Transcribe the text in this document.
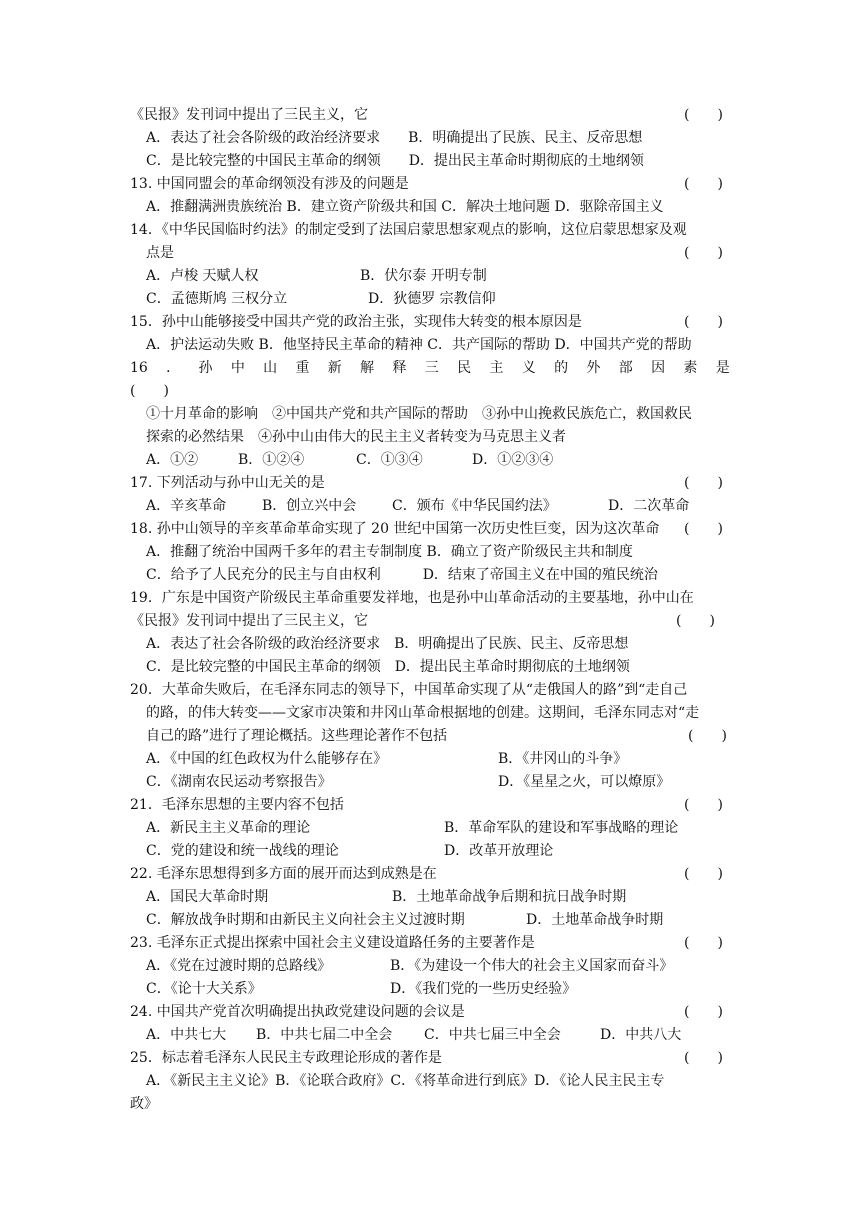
《民报》发刊词中提出了三民主义，它	(　　)
A．表达了社会各阶级的政治经济要求　　B．明确提出了民族、民主、反帝思想
C．是比较完整的中国民主革命的纲领　　D．提出民主革命时期彻底的土地纲领
13. 中国同盟会的革命纲领没有涉及的问题是	(　　)
A．推翻满洲贵族统治 B．建立资产阶级共和国 C．解决土地问题 D．驱除帝国主义
14．《中华民国临时约法》的制定受到了法国启蒙思想家观点的影响，这位启蒙思想家及观
点是	(　　)
A．卢梭 天赋人权	B．伏尔泰 开明专制
C．孟德斯鸠 三权分立	D．狄德罗 宗教信仰
15．孙中山能够接受中国共产党的政治主张，实现伟大转变的根本原因是	(　　)
A．护法运动失败 B．他坚持民主革命的精神 C．共产国际的帮助 D．中国共产党的帮助
16 ． 孙 中 山 重 新 解 释 三 民 主 义 的 外 部 因 素 是
(　　)
①十月革命的影响　②中国共产党和共产国际的帮助　③孙中山挽救民族危亡，救国救民
探索的必然结果　④孙中山由伟大的民主主义者转变为马克思主义者
A．①②	B．①②④	C．①③④	D．①②③④
17. 下列活动与孙中山无关的是	(　　)
A．辛亥革命	B．创立兴中会	C．颁布《中华民国约法》	D．二次革命
18. 孙中山领导的辛亥革命革命实现了 20 世纪中国第一次历史性巨变，因为这次革命 (　　)
A．推翻了统治中国两千多年的君主专制制度 B．确立了资产阶级民主共和制度
C．给予了人民充分的民主与自由权利　　　D．结束了帝国主义在中国的殖民统治
19．广东是中国资产阶级民主革命重要发祥地，也是孙中山革命活动的主要基地，孙中山在
《民报》发刊词中提出了三民主义，它	(　　)
A．表达了社会各阶级的政治经济要求　B．明确提出了民族、民主、反帝思想
C．是比较完整的中国民主革命的纲领　D．提出民主革命时期彻底的土地纲领
20．大革命失败后，在毛泽东同志的领导下，中国革命实现了从“走俄国人的路”到“走自己
的路，的伟大转变——文家市决策和井冈山革命根据地的创建。这期间，毛泽东同志对“走
自己的路”进行了理论概括。这些理论著作不包括	(　　)
A．《中国的红色政权为什么能够存在》	B．《井冈山的斗争》
C．《湖南农民运动考察报告》	D．《星星之火，可以燎原》
21．毛泽东思想的主要内容不包括	(　　)
A．新民主主义革命的理论	B．革命军队的建设和军事战略的理论
C．党的建设和统一战线的理论	D．改革开放理论
22. 毛泽东思想得到多方面的展开而达到成熟是在	(　　)
A．国民大革命时期	B．土地革命战争后期和抗日战争时期
C．解放战争时期和由新民主义向社会主义过渡时期	D．土地革命战争时期
23. 毛泽东正式提出探索中国社会主义建设道路任务的主要著作是	(　　)
A．《党在过渡时期的总路线》	B．《为建设一个伟大的社会主义国家而奋斗》
C．《论十大关系》	D．《我们党的一些历史经验》
24. 中国共产党首次明确提出执政党建设问题的会议是	(　　)
A．中共七大 B．中共七届二中全会 C．中共七届三中全会	D．中共八大
25．标志着毛泽东人民民主专政理论形成的著作是	(　　)
A．《新民主主义论》B．《论联合政府》C．《将革命进行到底》D．《论人民主民主专
政》
